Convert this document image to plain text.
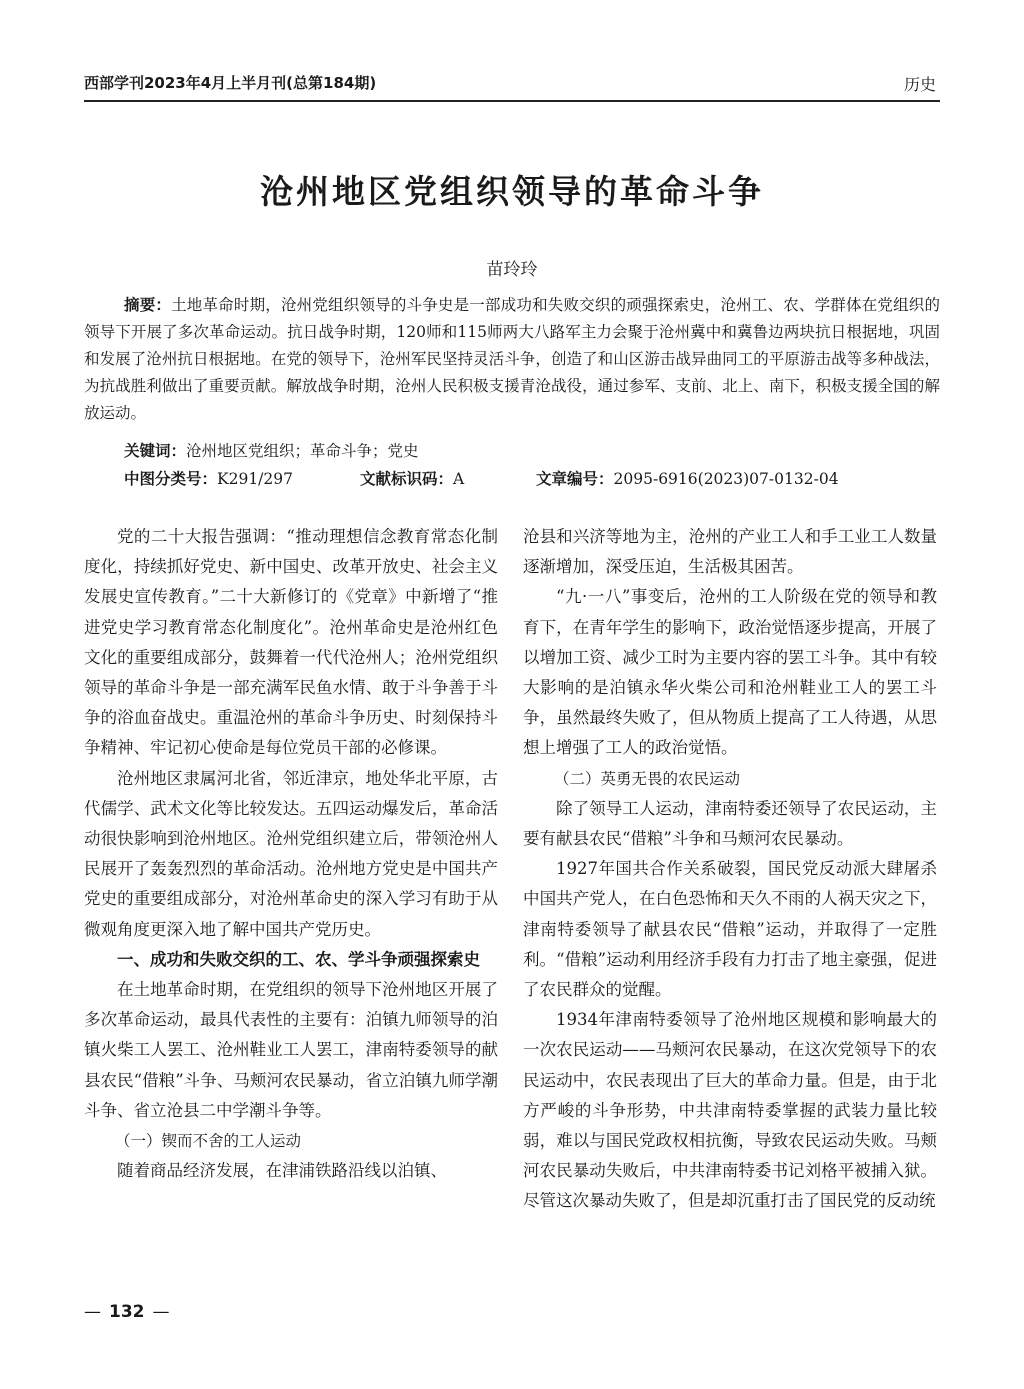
西部学刊2023年4月上半月刊(总第184期)	历史
沧州地区党组织领导的革命斗争
苗玲玲
摘要：土地革命时期，沧州党组织领导的斗争史是一部成功和失败交织的顽强探索史，沧州工、农、学群体在党组织的领导下开展了多次革命运动。抗日战争时期，120师和115师两大八路军主力会聚于沧州冀中和冀鲁边两块抗日根据地，巩固和发展了沧州抗日根据地。在党的领导下，沧州军民坚持灵活斗争，创造了和山区游击战异曲同工的平原游击战等多种战法，为抗战胜利做出了重要贡献。解放战争时期，沧州人民积极支援青沧战役，通过参军、支前、北上、南下，积极支援全国的解放运动。
关键词：沧州地区党组织；革命斗争；党史
中图分类号：K291/297	文献标识码：A	文章编号：2095-6916(2023)07-0132-04

党的二十大报告强调：“推动理想信念教育常态化制度化，持续抓好党史、新中国史、改革开放史、社会主义发展史宣传教育。”二十大新修订的《党章》中新增了“推进党史学习教育常态化制度化”。沧州革命史是沧州红色文化的重要组成部分，鼓舞着一代代沧州人；沧州党组织领导的革命斗争是一部充满军民鱼水情、敢于斗争善于斗争的浴血奋战史。重温沧州的革命斗争历史、时刻保持斗争精神、牢记初心使命是每位党员干部的必修课。

沧州地区隶属河北省，邻近津京，地处华北平原，古代儒学、武术文化等比较发达。五四运动爆发后，革命活动很快影响到沧州地区。沧州党组织建立后，带领沧州人民展开了轰轰烈烈的革命活动。沧州地方党史是中国共产党史的重要组成部分，对沧州革命史的深入学习有助于从微观角度更深入地了解中国共产党历史。

一、成功和失败交织的工、农、学斗争顽强探索史

在土地革命时期，在党组织的领导下沧州地区开展了多次革命运动，最具代表性的主要有：泊镇九师领导的泊镇火柴工人罢工、沧州鞋业工人罢工，津南特委领导的献县农民“借粮”斗争、马颊河农民暴动，省立泊镇九师学潮斗争、省立沧县二中学潮斗争等。

（一）锲而不舍的工人运动

随着商品经济发展，在津浦铁路沿线以泊镇、

沧县和兴济等地为主，沧州的产业工人和手工业工人数量逐渐增加，深受压迫，生活极其困苦。

“九·一八”事变后，沧州的工人阶级在党的领导和教育下，在青年学生的影响下，政治觉悟逐步提高，开展了以增加工资、减少工时为主要内容的罢工斗争。其中有较大影响的是泊镇永华火柴公司和沧州鞋业工人的罢工斗争，虽然最终失败了，但从物质上提高了工人待遇，从思想上增强了工人的政治觉悟。

（二）英勇无畏的农民运动

除了领导工人运动，津南特委还领导了农民运动，主要有献县农民“借粮”斗争和马颊河农民暴动。

1927年国共合作关系破裂，国民党反动派大肆屠杀中国共产党人，在白色恐怖和天久不雨的人祸天灾之下，津南特委领导了献县农民“借粮”运动，并取得了一定胜利。“借粮”运动利用经济手段有力打击了地主豪强，促进了农民群众的觉醒。

1934年津南特委领导了沧州地区规模和影响最大的一次农民运动——马颊河农民暴动，在这次党领导下的农民运动中，农民表现出了巨大的革命力量。但是，由于北方严峻的斗争形势，中共津南特委掌握的武装力量比较弱，难以与国民党政权相抗衡，导致农民运动失败。马颊河农民暴动失败后，中共津南特委书记刘格平被捕入狱。尽管这次暴动失败了，但是却沉重打击了国民党的反动统

— 132 —
